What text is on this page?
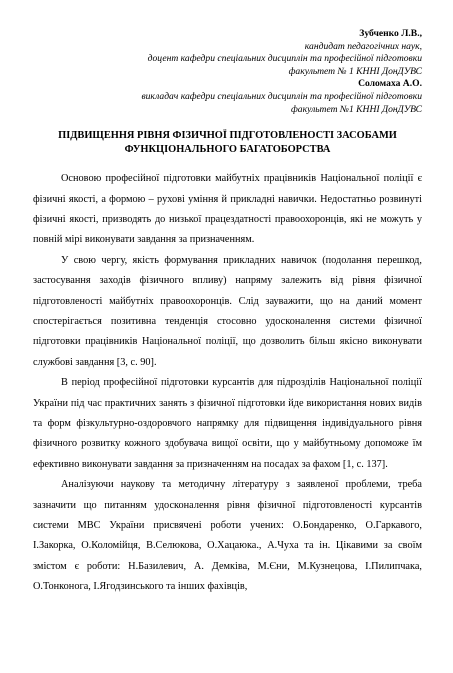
Зубченко Л.В.,
кандидат педагогічних наук,
доцент кафедри спеціальних дисциплін та професійної підготовки
факультет № 1 КННІ ДонДУВС
Соломаха А.О.
викладач кафедри спеціальних дисциплін та професійної підготовки
факультет №1 КННІ ДонДУВС
ПІДВИЩЕННЯ РІВНЯ ФІЗИЧНОЇ ПІДГОТОВЛЕНОСТІ ЗАСОБАМИ
ФУНКЦІОНАЛЬНОГО БАГАТОБОРСТВА

Основою професійної підготовки майбутніх працівників Національної поліції є фізичні якості, а формою – рухові уміння й прикладні навички. Недостатньо розвинуті фізичні якості, призводять до низької працездатності правоохоронців, які не можуть у повній мірі виконувати завдання за призначенням.

У свою чергу, якість формування прикладних навичок (подолання перешкод, застосування заходів фізичного впливу) напряму залежить від рівня фізичної підготовленості майбутніх правоохоронців. Слід зауважити, що на даний момент спостерігається позитивна тенденція стосовно удосконалення системи фізичної підготовки працівників Національної поліції, що дозволить більш якісно виконувати службові завдання [3, с. 90].

В період професійної підготовки курсантів для підрозділів Національної поліції України під час практичних занять з фізичної підготовки йде використання нових видів та форм фізкультурно-оздоровчого напрямку для підвищення індивідуального рівня фізичного розвитку кожного здобувача вищої освіти, що у майбутньому допоможе їм ефективно виконувати завдання за призначенням на посадах за фахом [1, с. 137].

Аналізуючи наукову та методичну літературу з заявленої проблеми, треба зазначити що питанням удосконалення рівня фізичної підготовленості курсантів системи МВС України присвячені роботи учених: О.Бондаренко, О.Гаркавого, І.Закорка, О.Коломійця, В.Селюкова, О.Хацаюка., А.Чуха та ін. Цікавими за своїм змістом є роботи: Н.Базилевич, А. Демківа, М.Єни, М.Кузнецова, І.Пилипчака, О.Тонконога, І.Ягодзинського та інших фахівців,
